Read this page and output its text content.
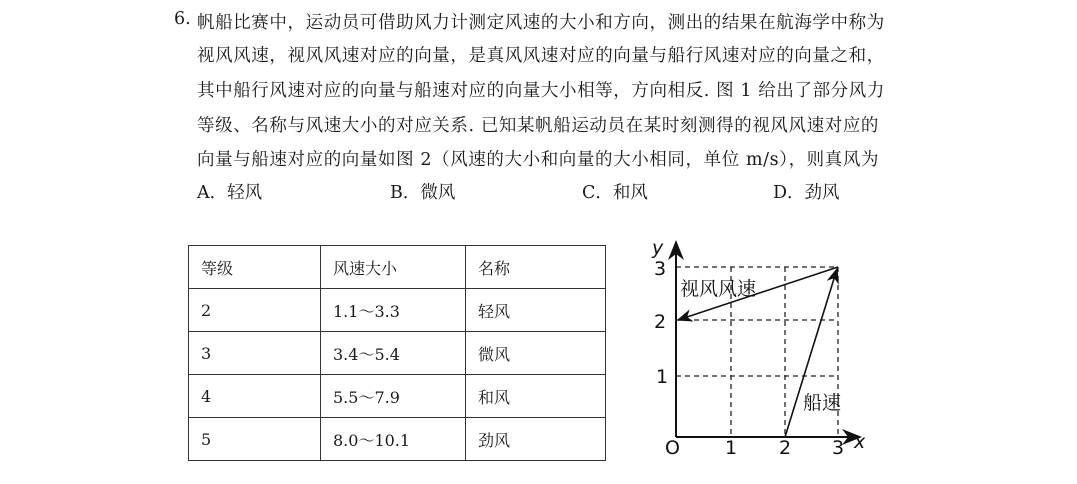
6. 帆船比赛中，运动员可借助风力计测定风速的大小和方向，测出的结果在航海学中称为
视风风速，视风风速对应的向量，是真风风速对应的向量与船行风速对应的向量之和，
其中船行风速对应的向量与船速对应的向量大小相等，方向相反. 图 1 给出了部分风力
等级、名称与风速大小的对应关系. 已知某帆船运动员在某时刻测得的视风风速对应的
向量与船速对应的向量如图 2（风速的大小和向量的大小相同，单位 m/s），则真风为
A．轻风	B．微风	C．和风	D．劲风
等级	风速大小	名称
2	1.1～3.3	轻风
3	3.4～5.4	微风
4	5.5～7.9	和风
5	8.0～10.1	劲风
y
x
O 1 2 3
1
2
3
视风风速
船速
